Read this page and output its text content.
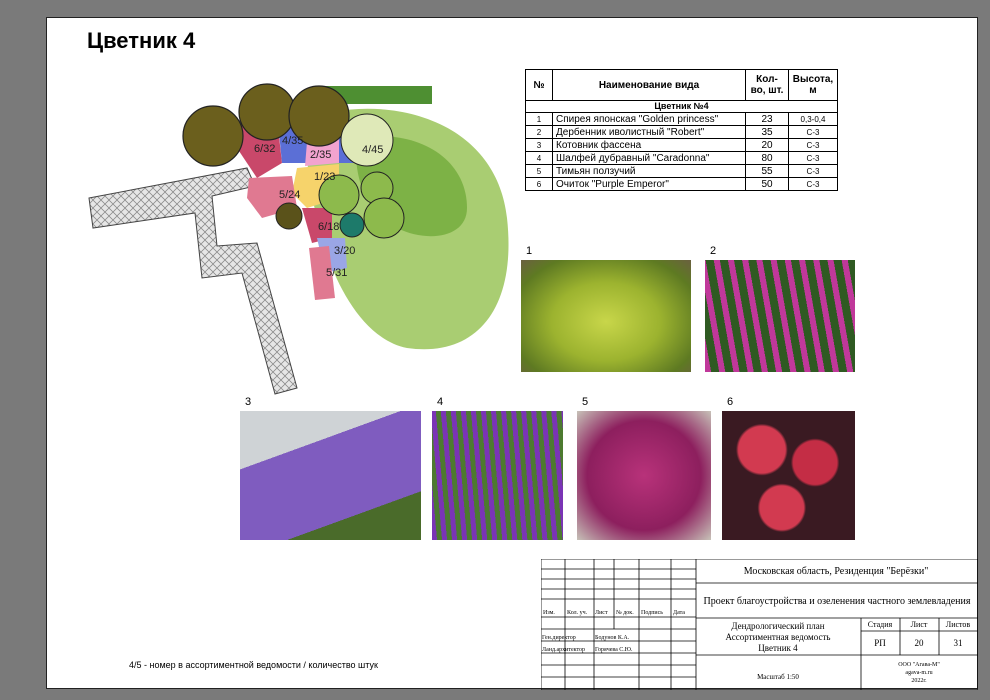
Цветник 4
6/32
4/35
2/35	4/45
1/23
5/24
6/18
3/20
5/31
№	Наименование вида	Кол-во, шт.	Высота, м
Цветник №4			
1	Спирея японская "Golden princess"	23	0,3-0,4
2	Дербенник иволистный "Robert"	35	С-3
3	Котовник фассена	20	С-3
4	Шалфей дубравный "Caradonna"	80	С-3
5	Тимьян ползучий	55	С-3
6	Очиток "Purple Emperor"	50	С-3
1	2
3	4	5	6
4/5 - номер в ассортиментной ведомости / количество штук
Московская область, Резиденция "Берёзки"
Проект благоустройства и озеленения частного землевладения
Дендрологический план
Ассортиментная ведомость
Цветник 4
Стадия Лист Листов
РП	20	31
Масштаб 1:50
ООО "Агава-М"
agava-m.ru
2022г.
Изм. Кол. уч. Лист № док. Подпись Дата
Ген.директор	Бодунов К.А.
Ланд.архитектор Горячева С.Ю.
